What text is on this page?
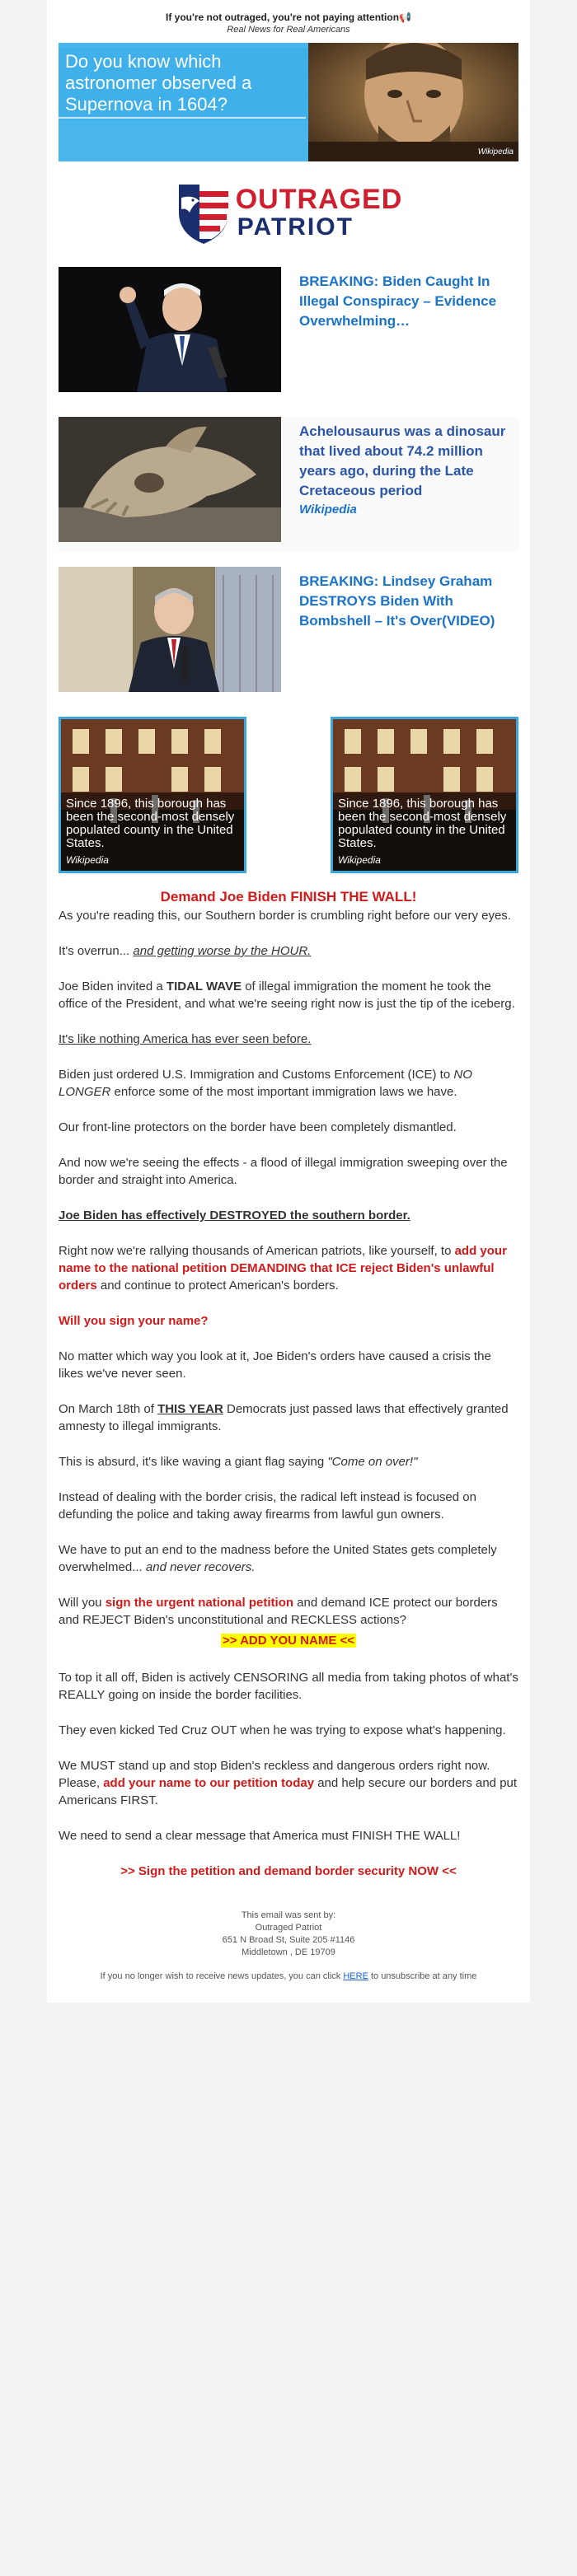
If you're not outraged, you're not paying attention📢
Real News for Real Americans
Do you know which astronomer observed a Supernova in 1604?
Wikipedia
OUTRAGED
PATRIOT
BREAKING: Biden Caught In Illegal Conspiracy – Evidence Overwhelming…
Achelousaurus was a dinosaur that lived about 74.2 million years ago, during the Late Cretaceous period
Wikipedia
BREAKING: Lindsey Graham DESTROYS Biden With Bombshell – It's Over(VIDEO)
Since 1896, this borough has been the second-most densely populated county in the United States.
Wikipedia
Since 1896, this borough has been the second-most densely populated county in the United States.
Wikipedia
Demand Joe Biden FINISH THE WALL!

As you're reading this, our Southern border is crumbling right before our very eyes.

It's overrun... and getting worse by the HOUR.

Joe Biden invited a TIDAL WAVE of illegal immigration the moment he took the office of the President, and what we're seeing right now is just the tip of the iceberg.

It's like nothing America has ever seen before.

Biden just ordered U.S. Immigration and Customs Enforcement (ICE) to NO LONGER enforce some of the most important immigration laws we have.

Our front-line protectors on the border have been completely dismantled.

And now we're seeing the effects - a flood of illegal immigration sweeping over the border and straight into America.

Joe Biden has effectively DESTROYED the southern border.

Right now we're rallying thousands of American patriots, like yourself, to add your name to the national petition DEMANDING that ICE reject Biden's unlawful orders and continue to protect American's borders.

Will you sign your name?

No matter which way you look at it, Joe Biden's orders have caused a crisis the likes we've never seen.

On March 18th of THIS YEAR Democrats just passed laws that effectively granted amnesty to illegal immigrants.

This is absurd, it's like waving a giant flag saying "Come on over!"

Instead of dealing with the border crisis, the radical left instead is focused on defunding the police and taking away firearms from lawful gun owners.

We have to put an end to the madness before the United States gets completely overwhelmed... and never recovers.

Will you sign the urgent national petition and demand ICE protect our borders and REJECT Biden's unconstitutional and RECKLESS actions?

>> ADD YOU NAME <<

To top it all off, Biden is actively CENSORING all media from taking photos of what's REALLY going on inside the border facilities.

They even kicked Ted Cruz OUT when he was trying to expose what's happening.

We MUST stand up and stop Biden's reckless and dangerous orders right now. Please, add your name to our petition today and help secure our borders and put Americans FIRST.

We need to send a clear message that America must FINISH THE WALL!

>> Sign the petition and demand border security NOW <<
This email was sent by:
Outraged Patriot
651 N Broad St, Suite 205 #1146
Middletown , DE 19709
If you no longer wish to receive news updates, you can click HERE to unsubscribe at any time
